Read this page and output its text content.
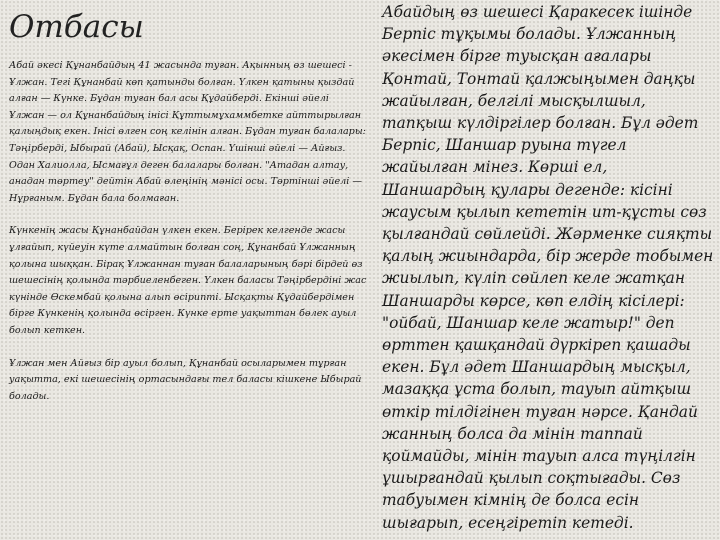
Отбасы

Абай әкесі Құнанбайдың 41 жасында туған. Ақынның өз шешесі - Ұлжан. Тегі Құнанбай көп қатынды болған. Үлкен қатыны қыздай алған — Күнке. Бұдан туған бал асы Құдайберді. Екінші әйелі Ұлжан — ол Құнанбайдың інісі Құттымұхаммбетке айттырылған қалыңдық екен. Інісі өлген соң келінін алған. Бұдан туған балалары: Тәңірберді, Ыбырай (Абай), Ысқақ, Оспан. Үшінші әйелі — Айғыз. Одан Халиолла, Ысмағұл деген балалары болған. "Атадан алтау, анадан төртеу" дейтін Абай өлеңінің мәнісі осы. Төртінші әйелі — Нұрғаным. Бұдан бала болмаған.

Күнкенің жасы Құнанбайдан үлкен екен. Берірек келгенде жасы ұлғайып, күйеуін күте алмайтын болған соң, Құнанбай Ұлжанның қолына шыққан. Бірақ Ұлжаннан туған балаларының бәрі бірдей өз шешесінің қолында тәрбиеленбеген. Үлкен баласы Тәңірбердіні жас күнінде Өскембай қолына алып өсірипті. Ысқақты Құдайбердімен бірге Күнкенің қолында өсірген. Күнке ерте уақыттан бөлек ауыл болып кеткен.

Ұлжан мен Айғыз бір ауыл болып, Құнанбай осыларымен тұрған уақытта, екі шешесінің ортасындағы тел баласы кішкене Ыбырай болады.

Абайдың өз шешесі Қаракесек ішінде Берпіс тұқымы болады. Ұлжанның әкесімен бірге туысқан ағалары Қонтай, Тонтай қалжыңымен даңқы жайылған, белгілі мысқылшыл, тапқыш күлдіргілер болған. Бұл әдет Берпіс, Шаншар руына түгел жайылған мінез. Көрші ел, Шаншардың қулары дегенде: кісіні жаусым қылып кететін ит-құсты сөз қылғандай сөйлейді. Жәрменке сияқты қалың жиындарда, бір жерде тобымен жиылып, күліп сөйлеп келе жатқан Шаншарды көрсе, көп елдің кісілері: "ойбай, Шаншар келе жатыр!" деп өрттен қашқандай дүркіреп қашады екен. Бұл әдет Шаншардың мысқыл, мазаққа ұста болып, тауып айтқыш өткір тілдігінен туған нәрсе. Қандай жанның болса да мінін таппай қоймайды, мінін тауып алса түңілгін ұшырғандай қылып соқтығады. Сөз табуымен кімнің де болса есін шығарып, есеңгіретіп кетеді.
